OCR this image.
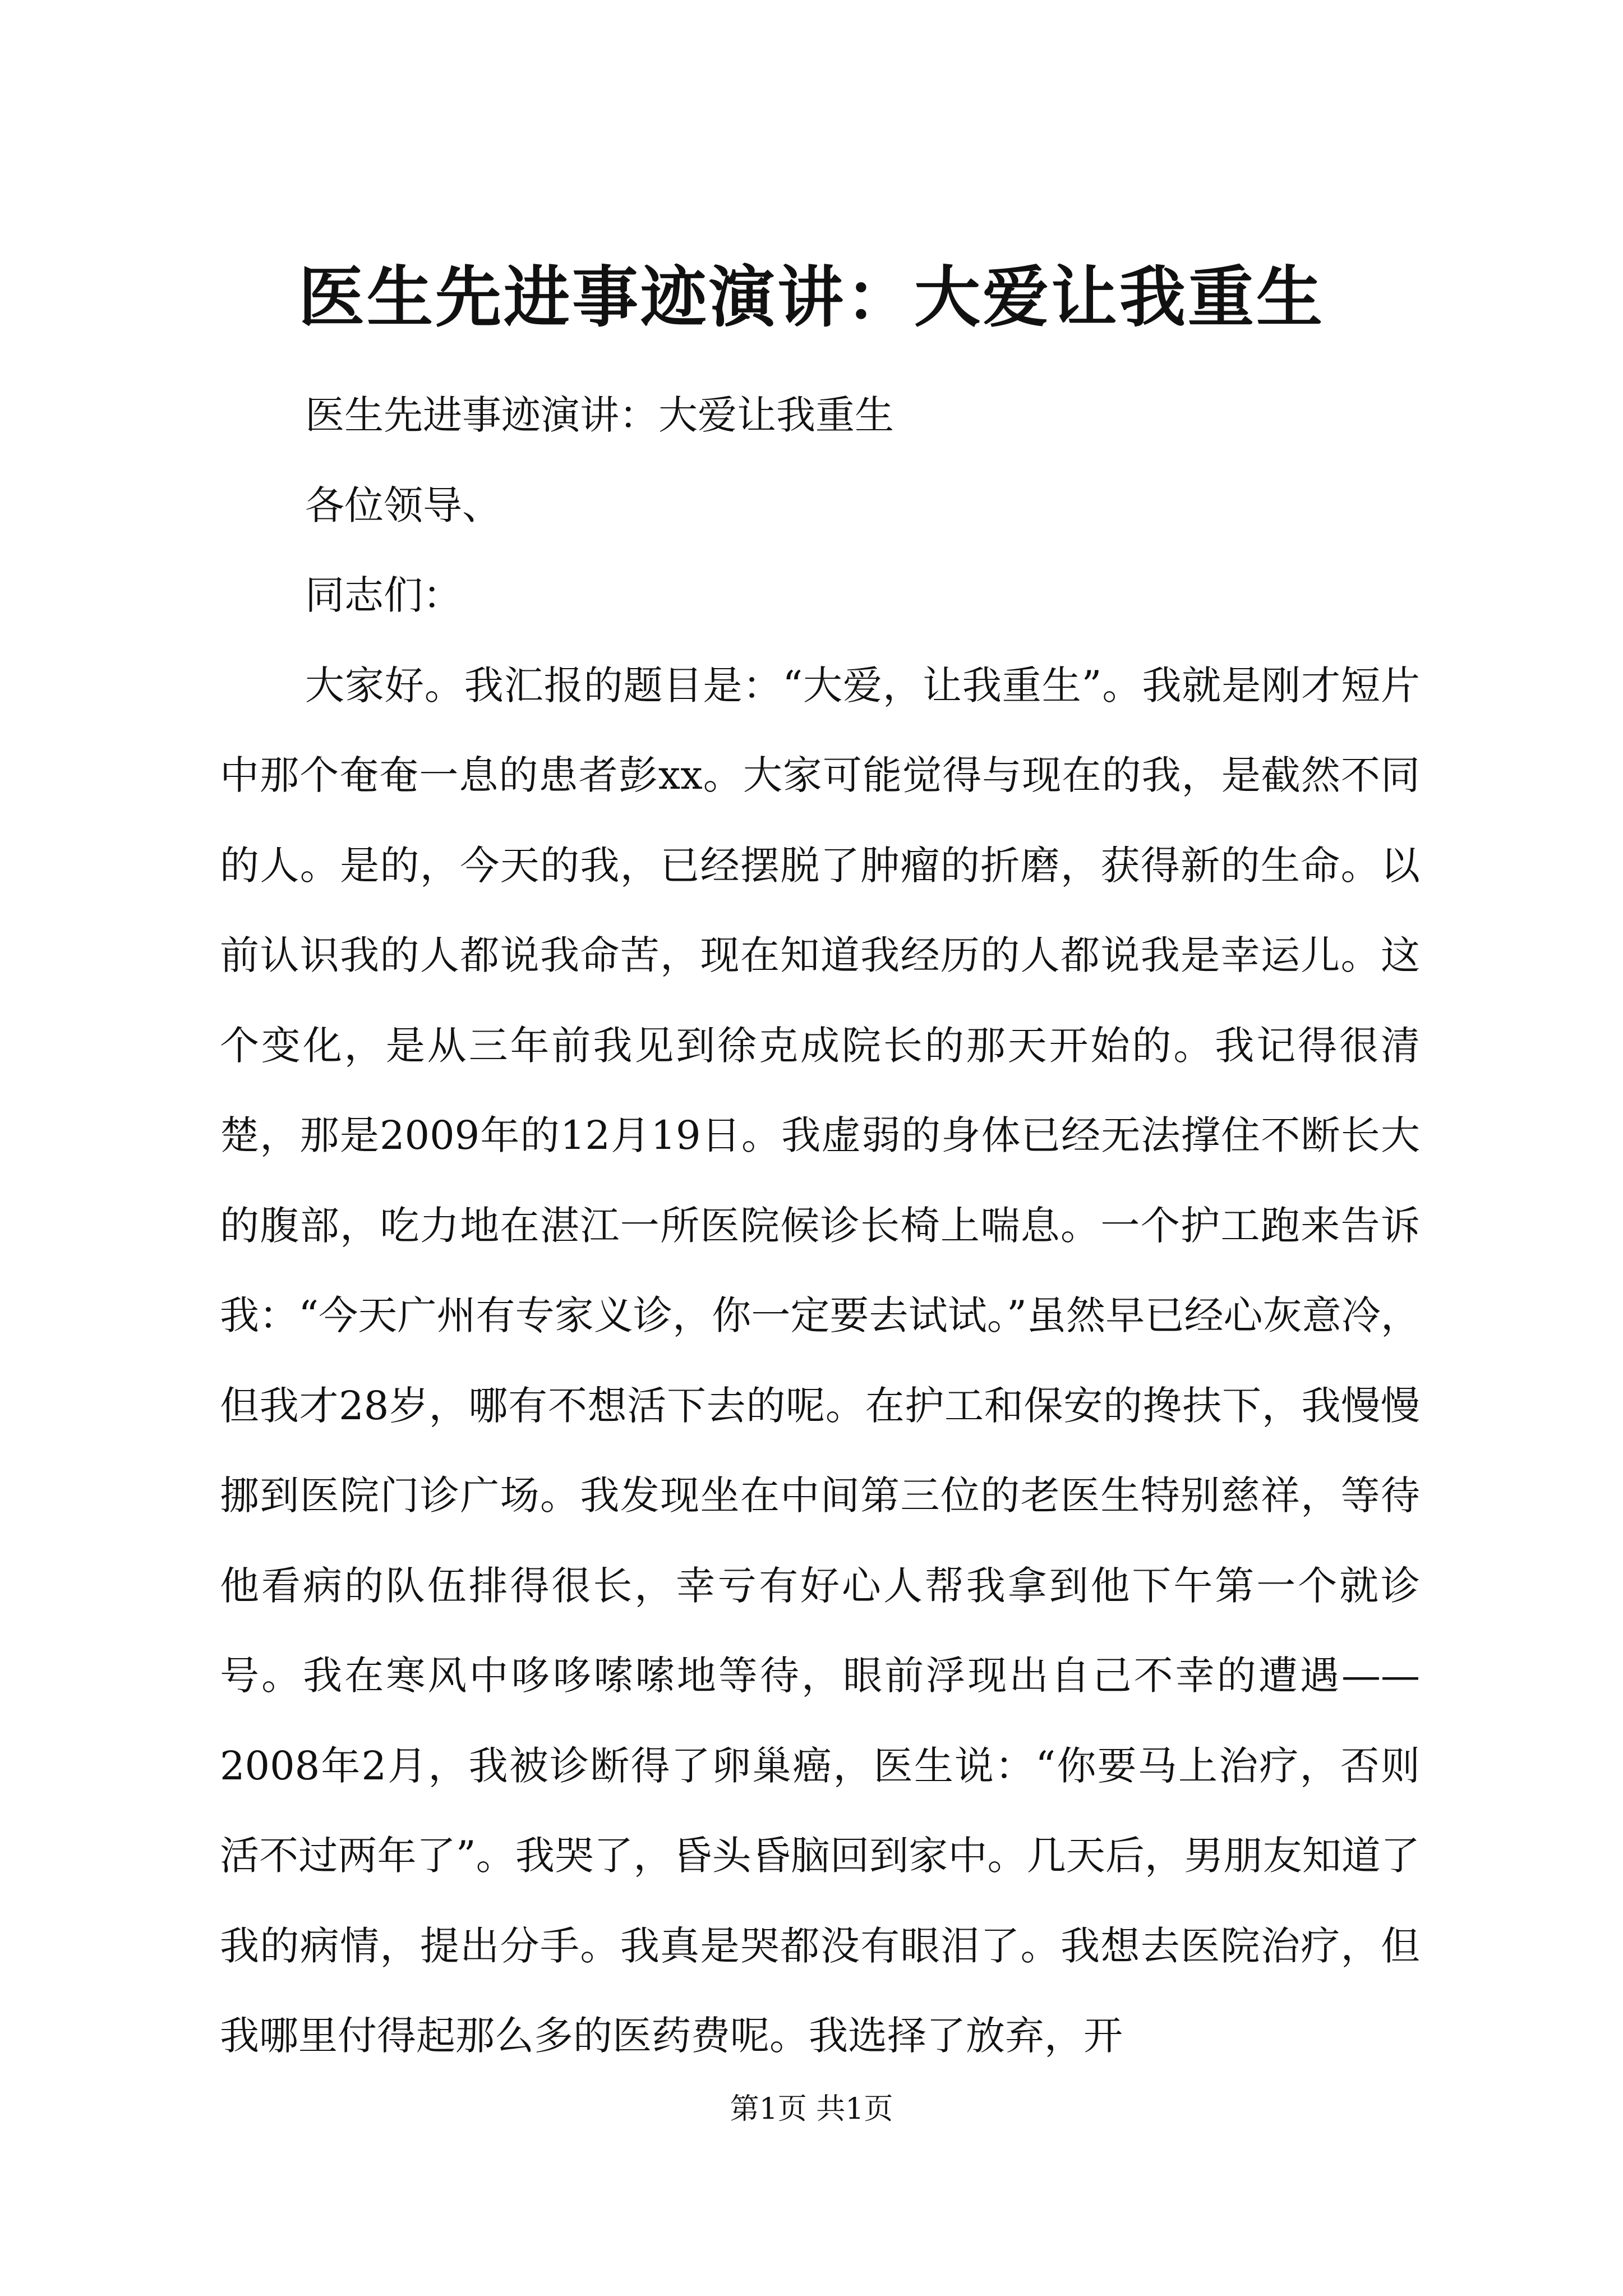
医生先进事迹演讲：大爱让我重生

医生先进事迹演讲：大爱让我重生

各位领导、

同志们：

大家好。我汇报的题目是：“大爱，让我重生”。我就是刚才短片中那个奄奄一息的患者彭xx。大家可能觉得与现在的我，是截然不同的人。是的，今天的我，已经摆脱了肿瘤的折磨，获得新的生命。以前认识我的人都说我命苦，现在知道我经历的人都说我是幸运儿。这个变化，是从三年前我见到徐克成院长的那天开始的。我记得很清楚，那是2009年的12月19日。我虚弱的身体已经无法撑住不断长大的腹部，吃力地在湛江一所医院候诊长椅上喘息。一个护工跑来告诉我：“今天广州有专家义诊，你一定要去试试。”虽然早已经心灰意冷，但我才28岁，哪有不想活下去的呢。在护工和保安的搀扶下，我慢慢挪到医院门诊广场。我发现坐在中间第三位的老医生特别慈祥，等待他看病的队伍排得很长，幸亏有好心人帮我拿到他下午第一个就诊号。我在寒风中哆哆嗦嗦地等待，眼前浮现出自己不幸的遭遇——2008年2月，我被诊断得了卵巢癌，医生说：“你要马上治疗，否则活不过两年了”。我哭了，昏头昏脑回到家中。几天后，男朋友知道了我的病情，提出分手。我真是哭都没有眼泪了。我想去医院治疗，但我哪里付得起那么多的医药费呢。我选择了放弃，开

第1页 共1页
